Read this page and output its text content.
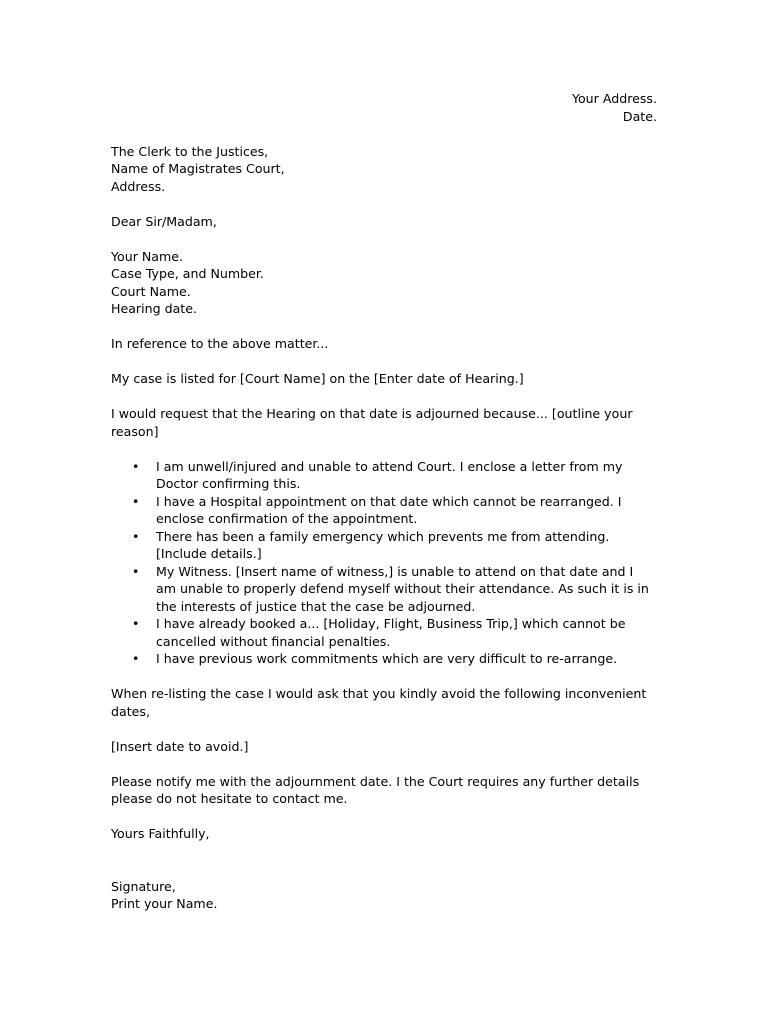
Your Address.
Date.
The Clerk to the Justices,
Name of Magistrates Court,
Address.
Dear Sir/Madam,
Your Name.
Case Type, and Number.
Court Name.
Hearing date.
In reference to the above matter...
My case is listed for [Court Name] on the [Enter date of Hearing.]
I would request that the Hearing on that date is adjourned because... [outline your
reason]
• I am unwell/injured and unable to attend Court. I enclose a letter from my
Doctor confirming this.
• I have a Hospital appointment on that date which cannot be rearranged. I
enclose confirmation of the appointment.
• There has been a family emergency which prevents me from attending.
[Include details.]
• My Witness. [Insert name of witness,] is unable to attend on that date and I
am unable to properly defend myself without their attendance. As such it is in
the interests of justice that the case be adjourned.
• I have already booked a... [Holiday, Flight, Business Trip,] which cannot be
cancelled without financial penalties.
• I have previous work commitments which are very difficult to re-arrange.
When re-listing the case I would ask that you kindly avoid the following inconvenient
dates,
[Insert date to avoid.]
Please notify me with the adjournment date. I the Court requires any further details
please do not hesitate to contact me.
Yours Faithfully,
Signature,
Print your Name.
